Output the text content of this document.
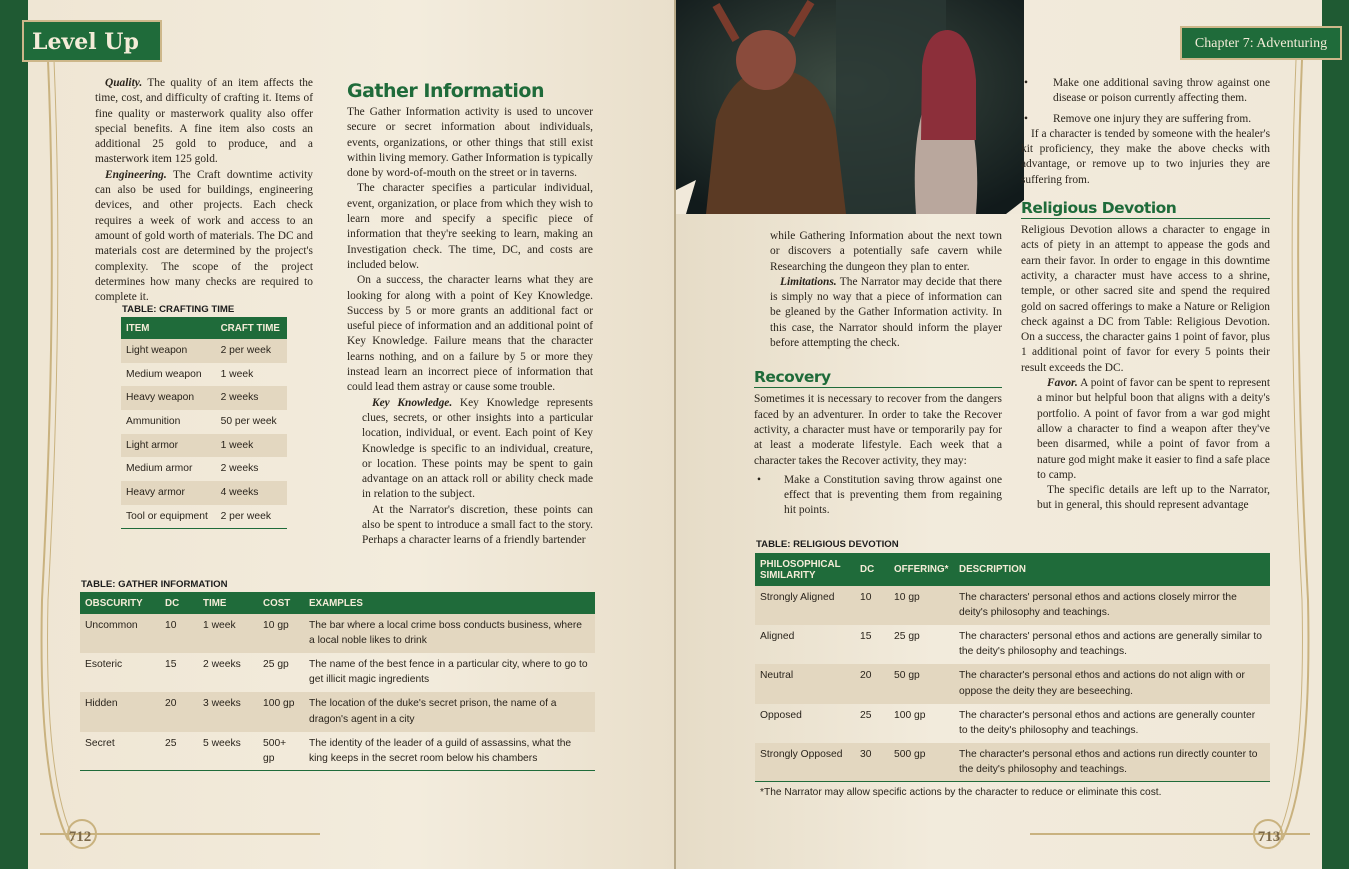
Level Up	Chapter 7: Adventuring
712	713

Quality. The quality of an item affects the time, cost, and difficulty of crafting it. Items of fine quality or masterwork quality also offer special benefits. A fine item also costs an additional 25 gold to produce, and a masterwork item 125 gold.

Engineering. The Craft downtime activity can also be used for buildings, engineering devices, and other projects. Each check requires a week of work and access to an amount of gold worth of materials. The DC and materials cost are determined by the project's complexity. The scope of the project determines how many checks are required to complete it.

TABLE: CRAFTING TIME
ITEM	CRAFT TIME
Light weapon	2 per week
Medium weapon	1 week
Heavy weapon	2 weeks
Ammunition	50 per week
Light armor	1 week
Medium armor	2 weeks
Heavy armor	4 weeks
Tool or equipment	2 per week
Gather Information

The Gather Information activity is used to uncover secure or secret information about individuals, events, organizations, or other things that still exist within living memory. Gather Information is typically done by word-of-mouth on the street or in taverns.

The character specifies a particular individual, event, organization, or place from which they wish to learn more and specify a specific piece of information that they're seeking to learn, making an Investigation check. The time, DC, and costs are included below.

On a success, the character learns what they are looking for along with a point of Key Knowledge. Success by 5 or more grants an additional fact or useful piece of information and an additional point of Key Knowledge. Failure means that the character learns nothing, and on a failure by 5 or more they instead learn an incorrect piece of information that could lead them astray or cause some trouble.

Key Knowledge. Key Knowledge represents clues, secrets, or other insights into a particular location, individual, or event. Each point of Key Knowledge is specific to an individual, creature, or location. These points may be spent to gain advantage on an attack roll or ability check made in relation to the subject.

At the Narrator's discretion, these points can also be spent to introduce a small fact to the story. Perhaps a character learns of a friendly bartender

TABLE: GATHER INFORMATION
OBSCURITY	DC	TIME	COST	EXAMPLES
Uncommon	10	1 week	10 gp	The bar where a local crime boss conducts business, where a local noble likes to drink
Esoteric	15	2 weeks	25 gp	The name of the best fence in a particular city, where to go to get illicit magic ingredients
Hidden	20	3 weeks	100 gp	The location of the duke's secret prison, the name of a dragon's agent in a city
Secret	25	5 weeks	500+ gp	The identity of the leader of a guild of assassins, what the king keeps in the secret room below his chambers

while Gathering Information about the next town or discovers a potentially safe cavern while Researching the dungeon they plan to enter.

Limitations. The Narrator may decide that there is simply no way that a piece of information can be gleaned by the Gather Information activity. In this case, the Narrator should inform the player before attempting the check.

Recovery

Sometimes it is necessary to recover from the dangers faced by an adventurer. In order to take the Recover activity, a character must have or temporarily pay for at least a moderate lifestyle. Each week that a character takes the Recover activity, they may:

• Make a Constitution saving throw against one effect that is preventing them from regaining hit points.
• Make one additional saving throw against one disease or poison currently affecting them.
• Remove one injury they are suffering from.

If a character is tended by someone with the healer's kit proficiency, they make the above checks with advantage, or remove up to two injuries they are suffering from.

Religious Devotion

Religious Devotion allows a character to engage in acts of piety in an attempt to appease the gods and earn their favor. In order to engage in this downtime activity, a character must have access to a shrine, temple, or other sacred site and spend the required gold on sacred offerings to make a Nature or Religion check against a DC from Table: Religious Devotion. On a success, the character gains 1 point of favor, plus 1 additional point of favor for every 5 points their result exceeds the DC.

Favor. A point of favor can be spent to represent a minor but helpful boon that aligns with a deity's portfolio. A point of favor from a war god might allow a character to find a weapon after they've been disarmed, while a point of favor from a nature god might make it easier to find a safe place to camp.

The specific details are left up to the Narrator, but in general, this should represent advantage

TABLE: RELIGIOUS DEVOTION
PHILOSOPHICAL SIMILARITY	DC	OFFERING*	DESCRIPTION
Strongly Aligned	10	10 gp	The characters' personal ethos and actions closely mirror the deity's philosophy and teachings.
Aligned	15	25 gp	The characters' personal ethos and actions are generally similar to the deity's philosophy and teachings.
Neutral	20	50 gp	The character's personal ethos and actions do not align with or oppose the deity they are beseeching.
Opposed	25	100 gp	The character's personal ethos and actions are generally counter to the deity's philosophy and teachings.
Strongly Opposed	30	500 gp	The character's personal ethos and actions run directly counter to the deity's philosophy and teachings.
*The Narrator may allow specific actions by the character to reduce or eliminate this cost.
